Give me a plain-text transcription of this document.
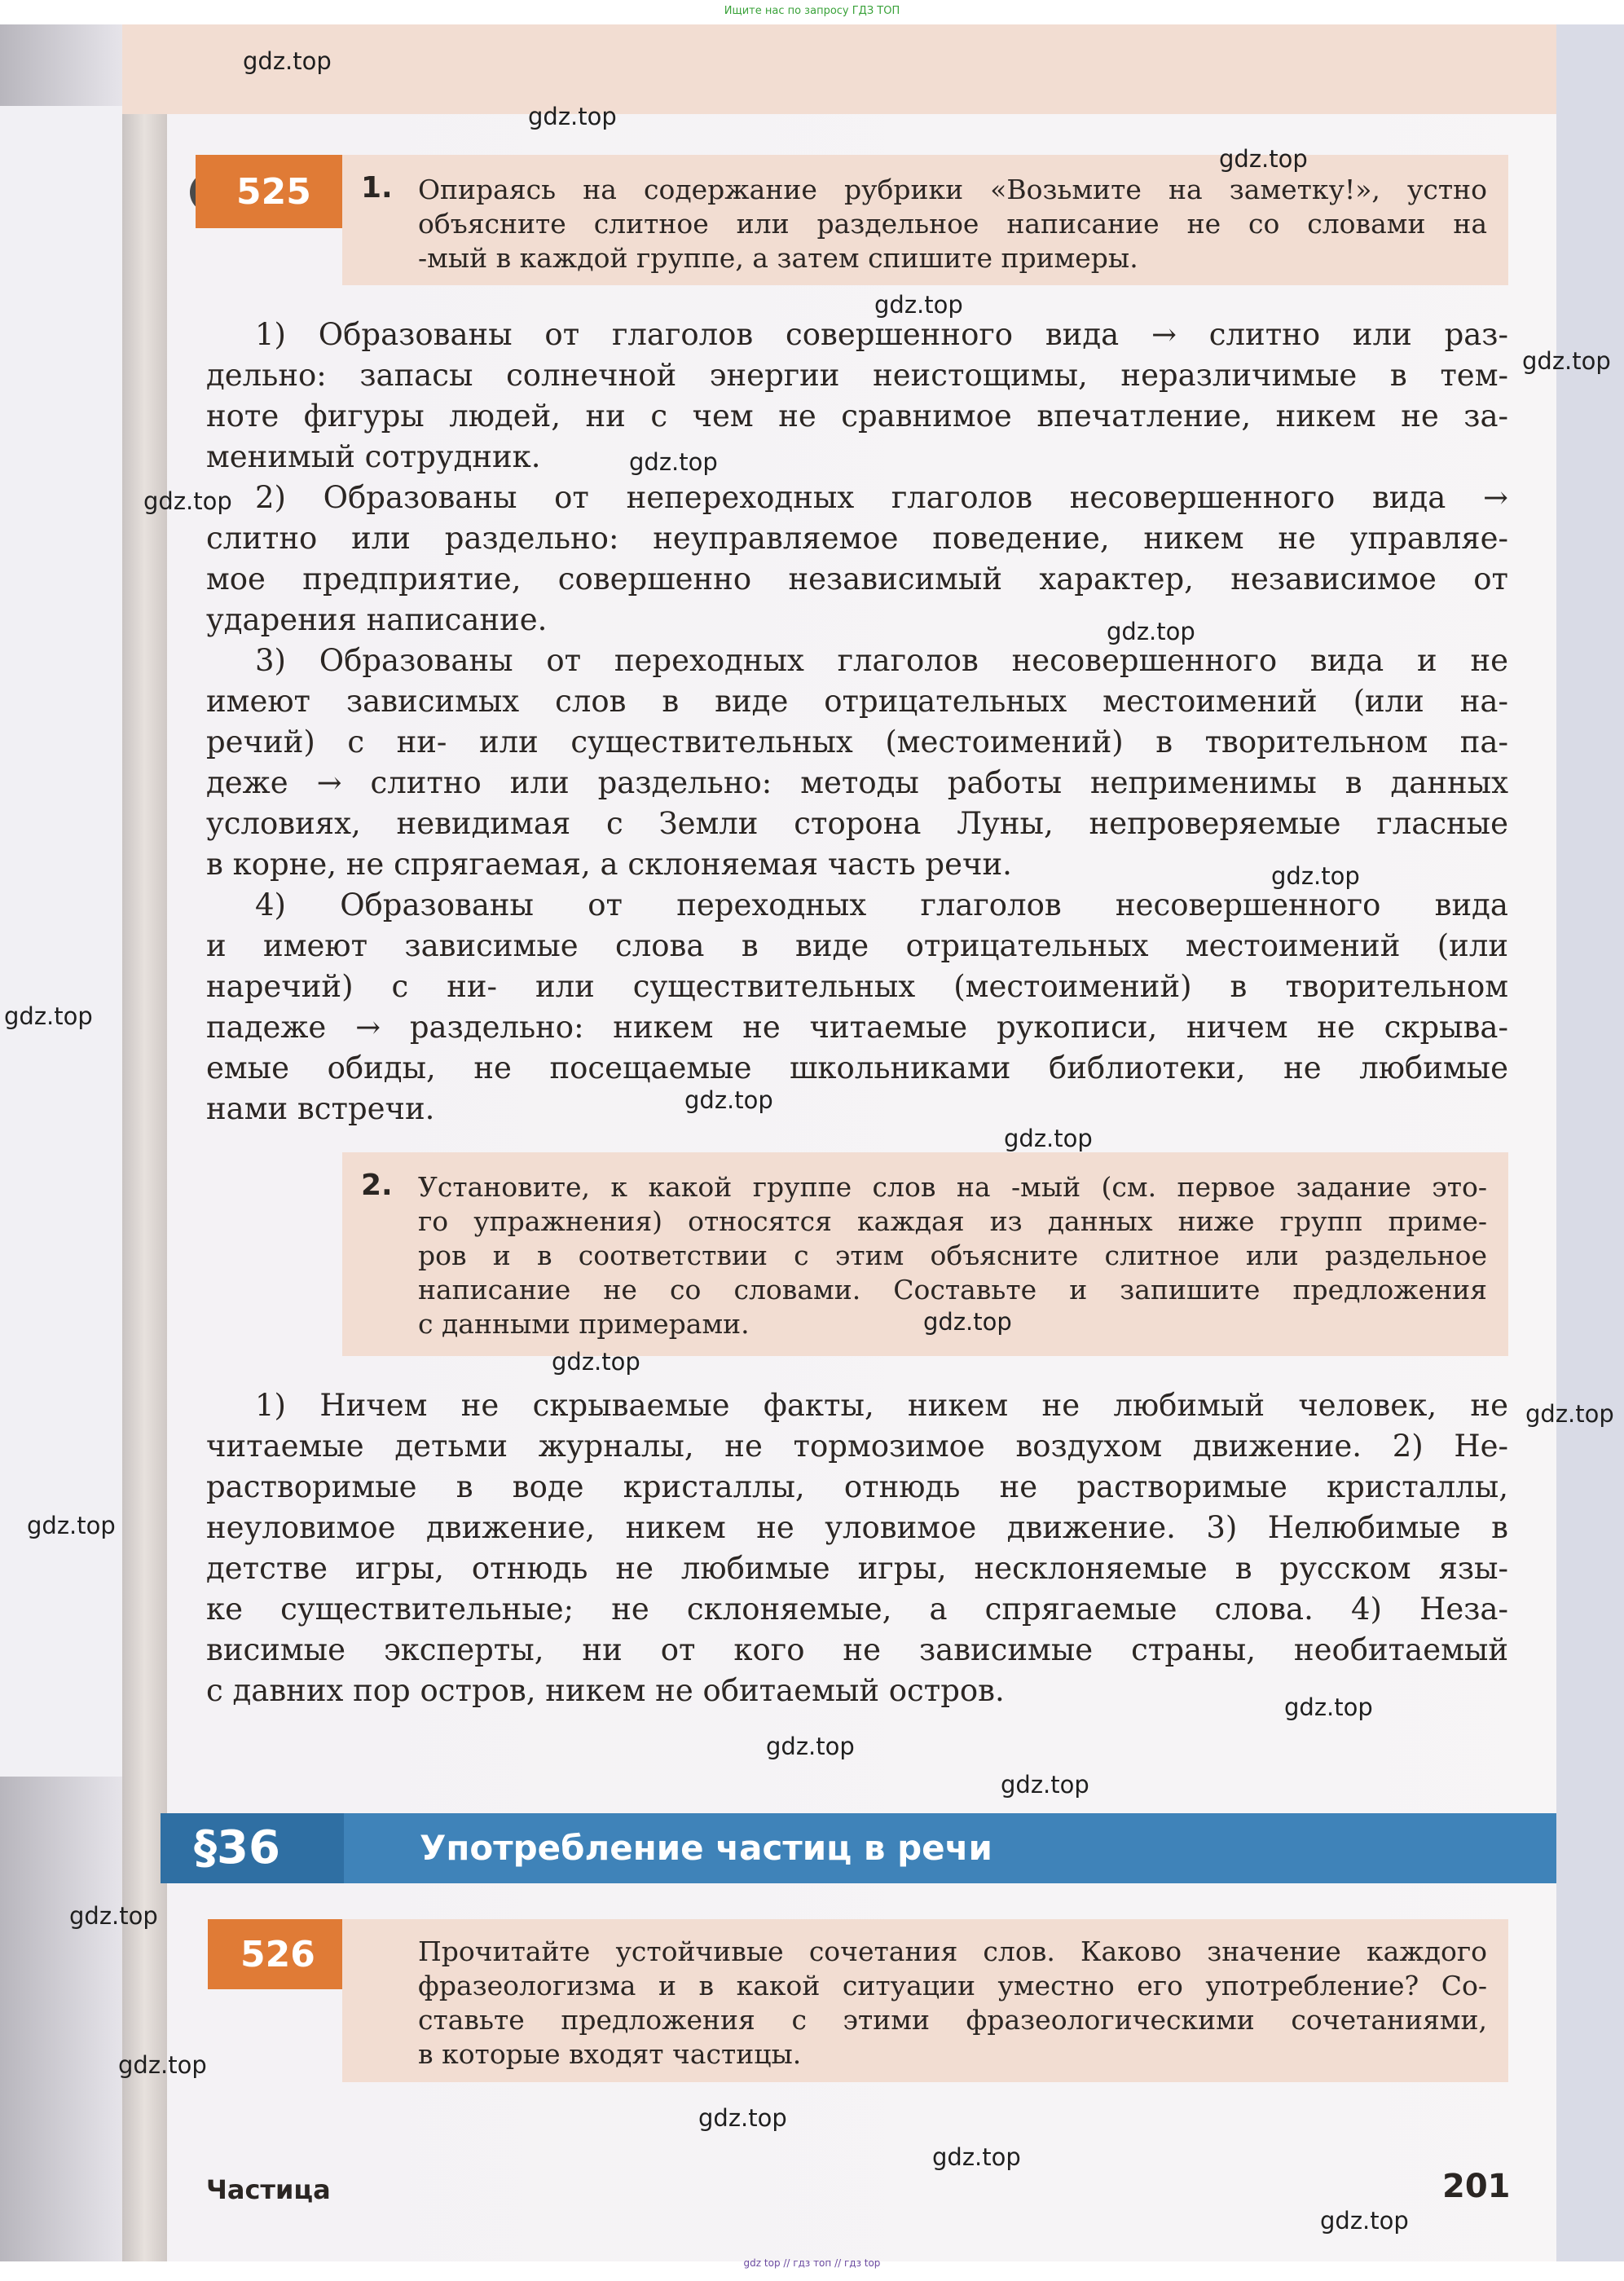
Ищите нас по запросу ГДЗ ТОП
525 1. Опираясь на содержание рубрики «Возьмите на заметку!», устно
объясните слитное или раздельное написание не со словами на
-мый в каждой группе, а затем спишите примеры.
1) Образованы от глаголов совершенного вида → слитно или раз-
дельно: запасы солнечной энергии неистощимы, неразличимые в тем-
ноте фигуры людей, ни с чем не сравнимое впечатление, никем не за-
менимый сотрудник.
2) Образованы от непереходных глаголов несовершенного вида →
слитно или раздельно: неуправляемое поведение, никем не управляе-
мое предприятие, совершенно независимый характер, независимое от
ударения написание.
3) Образованы от переходных глаголов несовершенного вида и не
имеют зависимых слов в виде отрицательных местоимений (или на-
речий) с ни- или существительных (местоимений) в творительном па-
деже → слитно или раздельно: методы работы неприменимы в данных
условиях, невидимая с Земли сторона Луны, непроверяемые гласные
в корне, не спрягаемая, а склоняемая часть речи.
4) Образованы от переходных глаголов несовершенного вида
и имеют зависимые слова в виде отрицательных местоимений (или
наречий) с ни- или существительных (местоимений) в творительном
падеже → раздельно: никем не читаемые рукописи, ничем не скрыва-
емые обиды, не посещаемые школьниками библиотеки, не любимые
нами встречи.
2. Установите, к какой группе слов на -мый (см. первое задание это-
го упражнения) относятся каждая из данных ниже групп приме-
ров и в соответствии с этим объясните слитное или раздельное
написание не со словами. Составьте и запишите предложения
с данными примерами.
1) Ничем не скрываемые факты, никем не любимый человек, не
читаемые детьми журналы, не тормозимое воздухом движение. 2) Не-
растворимые в воде кристаллы, отнюдь не растворимые кристаллы,
неуловимое движение, никем не уловимое движение. 3) Нелюбимые в
детстве игры, отнюдь не любимые игры, несклоняемые в русском язы-
ке существительные; не склоняемые, а спрягаемые слова. 4) Неза-
висимые эксперты, ни от кого не зависимые страны, необитаемый
с давних пор остров, никем не обитаемый остров.
§36	Употребление частиц в речи
526	Прочитайте устойчивые сочетания слов. Каково значение каждого
фразеологизма и в какой ситуации уместно его употребление? Со-
ставьте предложения с этими фразеологическими сочетаниями,
в которые входят частицы.
Частица	201
gdz top // гдз топ // гдз top
gdz.top
gdz.top
gdz.top
gdz.top
gdz.top
gdz.top
gdz.top
gdz.top
gdz.top
gdz.top
gdz.top
gdz.top
gdz.top
gdz.top
gdz.top
gdz.top
gdz.top
gdz.top
gdz.top
gdz.top
gdz.top
gdz.top
gdz.top
gdz.top
